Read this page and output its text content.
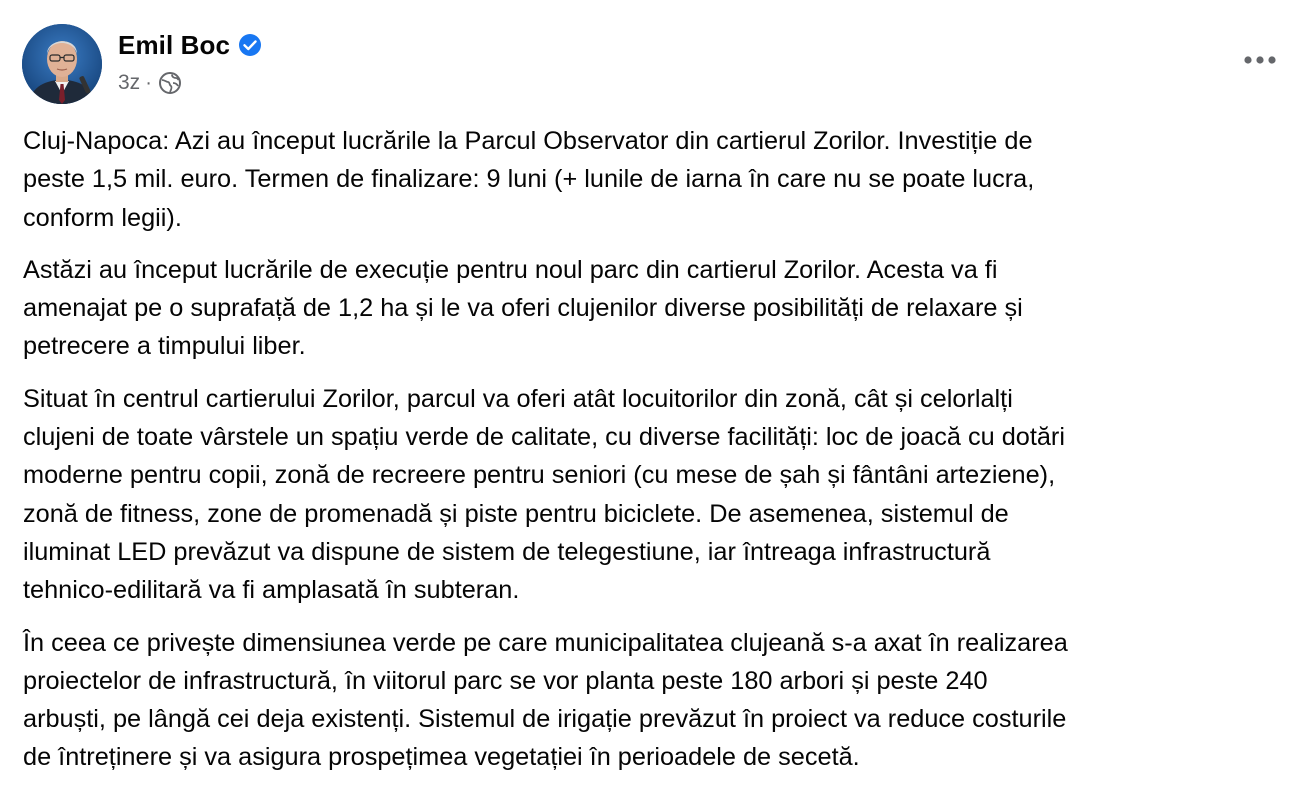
Emil Boc
3z ·

Cluj-Napoca: Azi au început lucrările la Parcul Observator din cartierul Zorilor. Investiție de
peste 1,5 mil. euro. Termen de finalizare: 9 luni (+ lunile de iarna în care nu se poate lucra,
conform legii).

Astăzi au început lucrările de execuție pentru noul parc din cartierul Zorilor. Acesta va fi
amenajat pe o suprafață de 1,2 ha și le va oferi clujenilor diverse posibilități de relaxare și
petrecere a timpului liber.

Situat în centrul cartierului Zorilor, parcul va oferi atât locuitorilor din zonă, cât și celorlalți
clujeni de toate vârstele un spațiu verde de calitate, cu diverse facilități: loc de joacă cu dotări
moderne pentru copii, zonă de recreere pentru seniori (cu mese de șah și fântâni arteziene),
zonă de fitness, zone de promenadă și piste pentru biciclete. De asemenea, sistemul de
iluminat LED prevăzut va dispune de sistem de telegestiune, iar întreaga infrastructură
tehnico-edilitară va fi amplasată în subteran.

În ceea ce privește dimensiunea verde pe care municipalitatea clujeană s-a axat în realizarea
proiectelor de infrastructură, în viitorul parc se vor planta peste 180 arbori și peste 240
arbuști, pe lângă cei deja existenți. Sistemul de irigație prevăzut în proiect va reduce costurile
de întreținere și va asigura prospețimea vegetației în perioadele de secetă.
